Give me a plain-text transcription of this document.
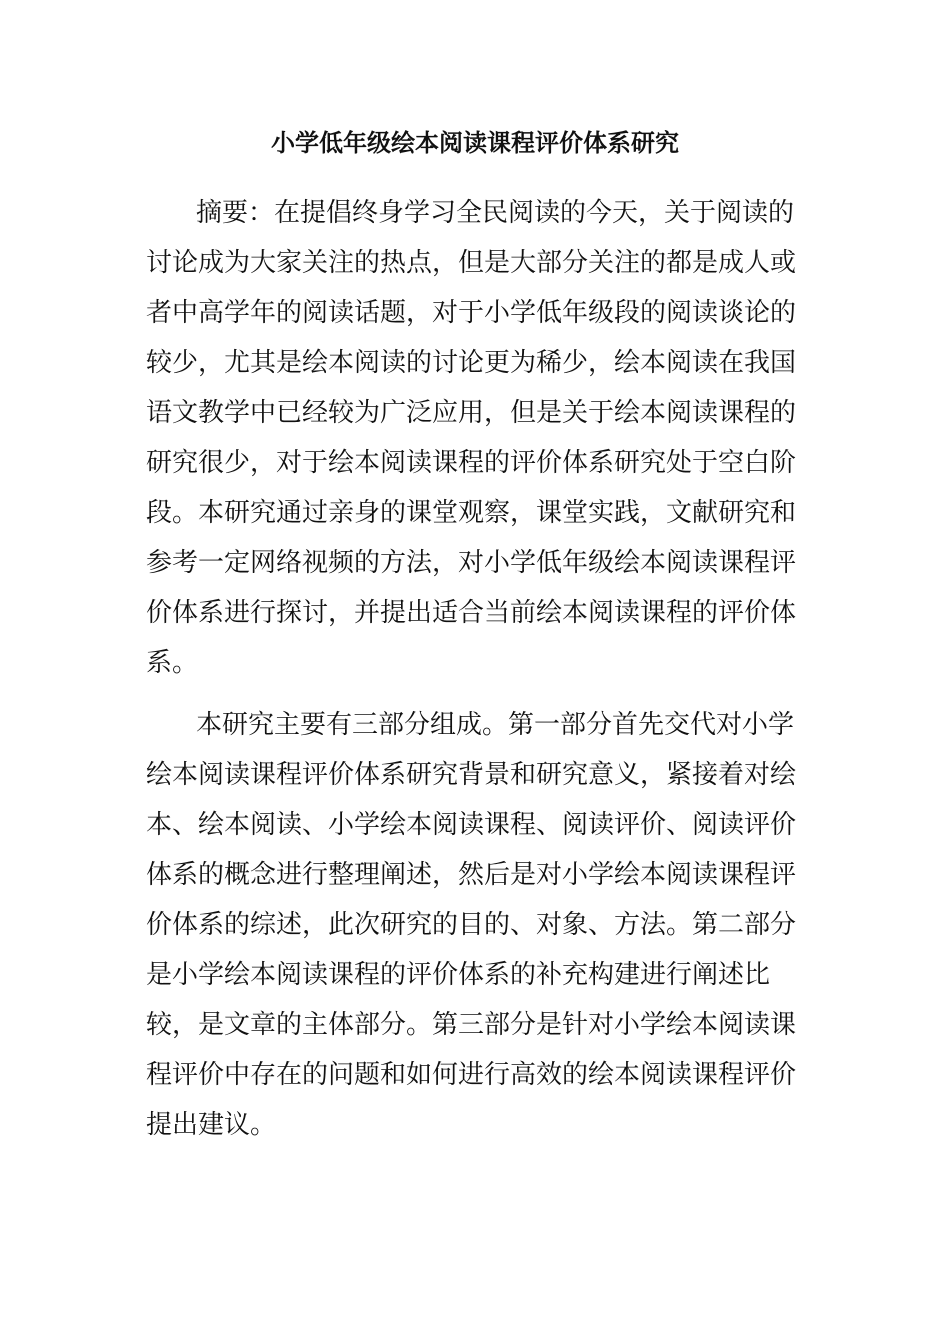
小学低年级绘本阅读课程评价体系研究
摘要：在提倡终身学习全民阅读的今天，关于阅读的
讨论成为大家关注的热点，但是大部分关注的都是成人或
者中高学年的阅读话题，对于小学低年级段的阅读谈论的
较少，尤其是绘本阅读的讨论更为稀少，绘本阅读在我国
语文教学中已经较为广泛应用，但是关于绘本阅读课程的
研究很少，对于绘本阅读课程的评价体系研究处于空白阶
段。本研究通过亲身的课堂观察，课堂实践，文献研究和
参考一定网络视频的方法，对小学低年级绘本阅读课程评
价体系进行探讨，并提出适合当前绘本阅读课程的评价体
系。
本研究主要有三部分组成。第一部分首先交代对小学
绘本阅读课程评价体系研究背景和研究意义，紧接着对绘
本、绘本阅读、小学绘本阅读课程、阅读评价、阅读评价
体系的概念进行整理阐述，然后是对小学绘本阅读课程评
价体系的综述，此次研究的目的、对象、方法。第二部分
是小学绘本阅读课程的评价体系的补充构建进行阐述比
较，是文章的主体部分。第三部分是针对小学绘本阅读课
程评价中存在的问题和如何进行高效的绘本阅读课程评价
提出建议。
